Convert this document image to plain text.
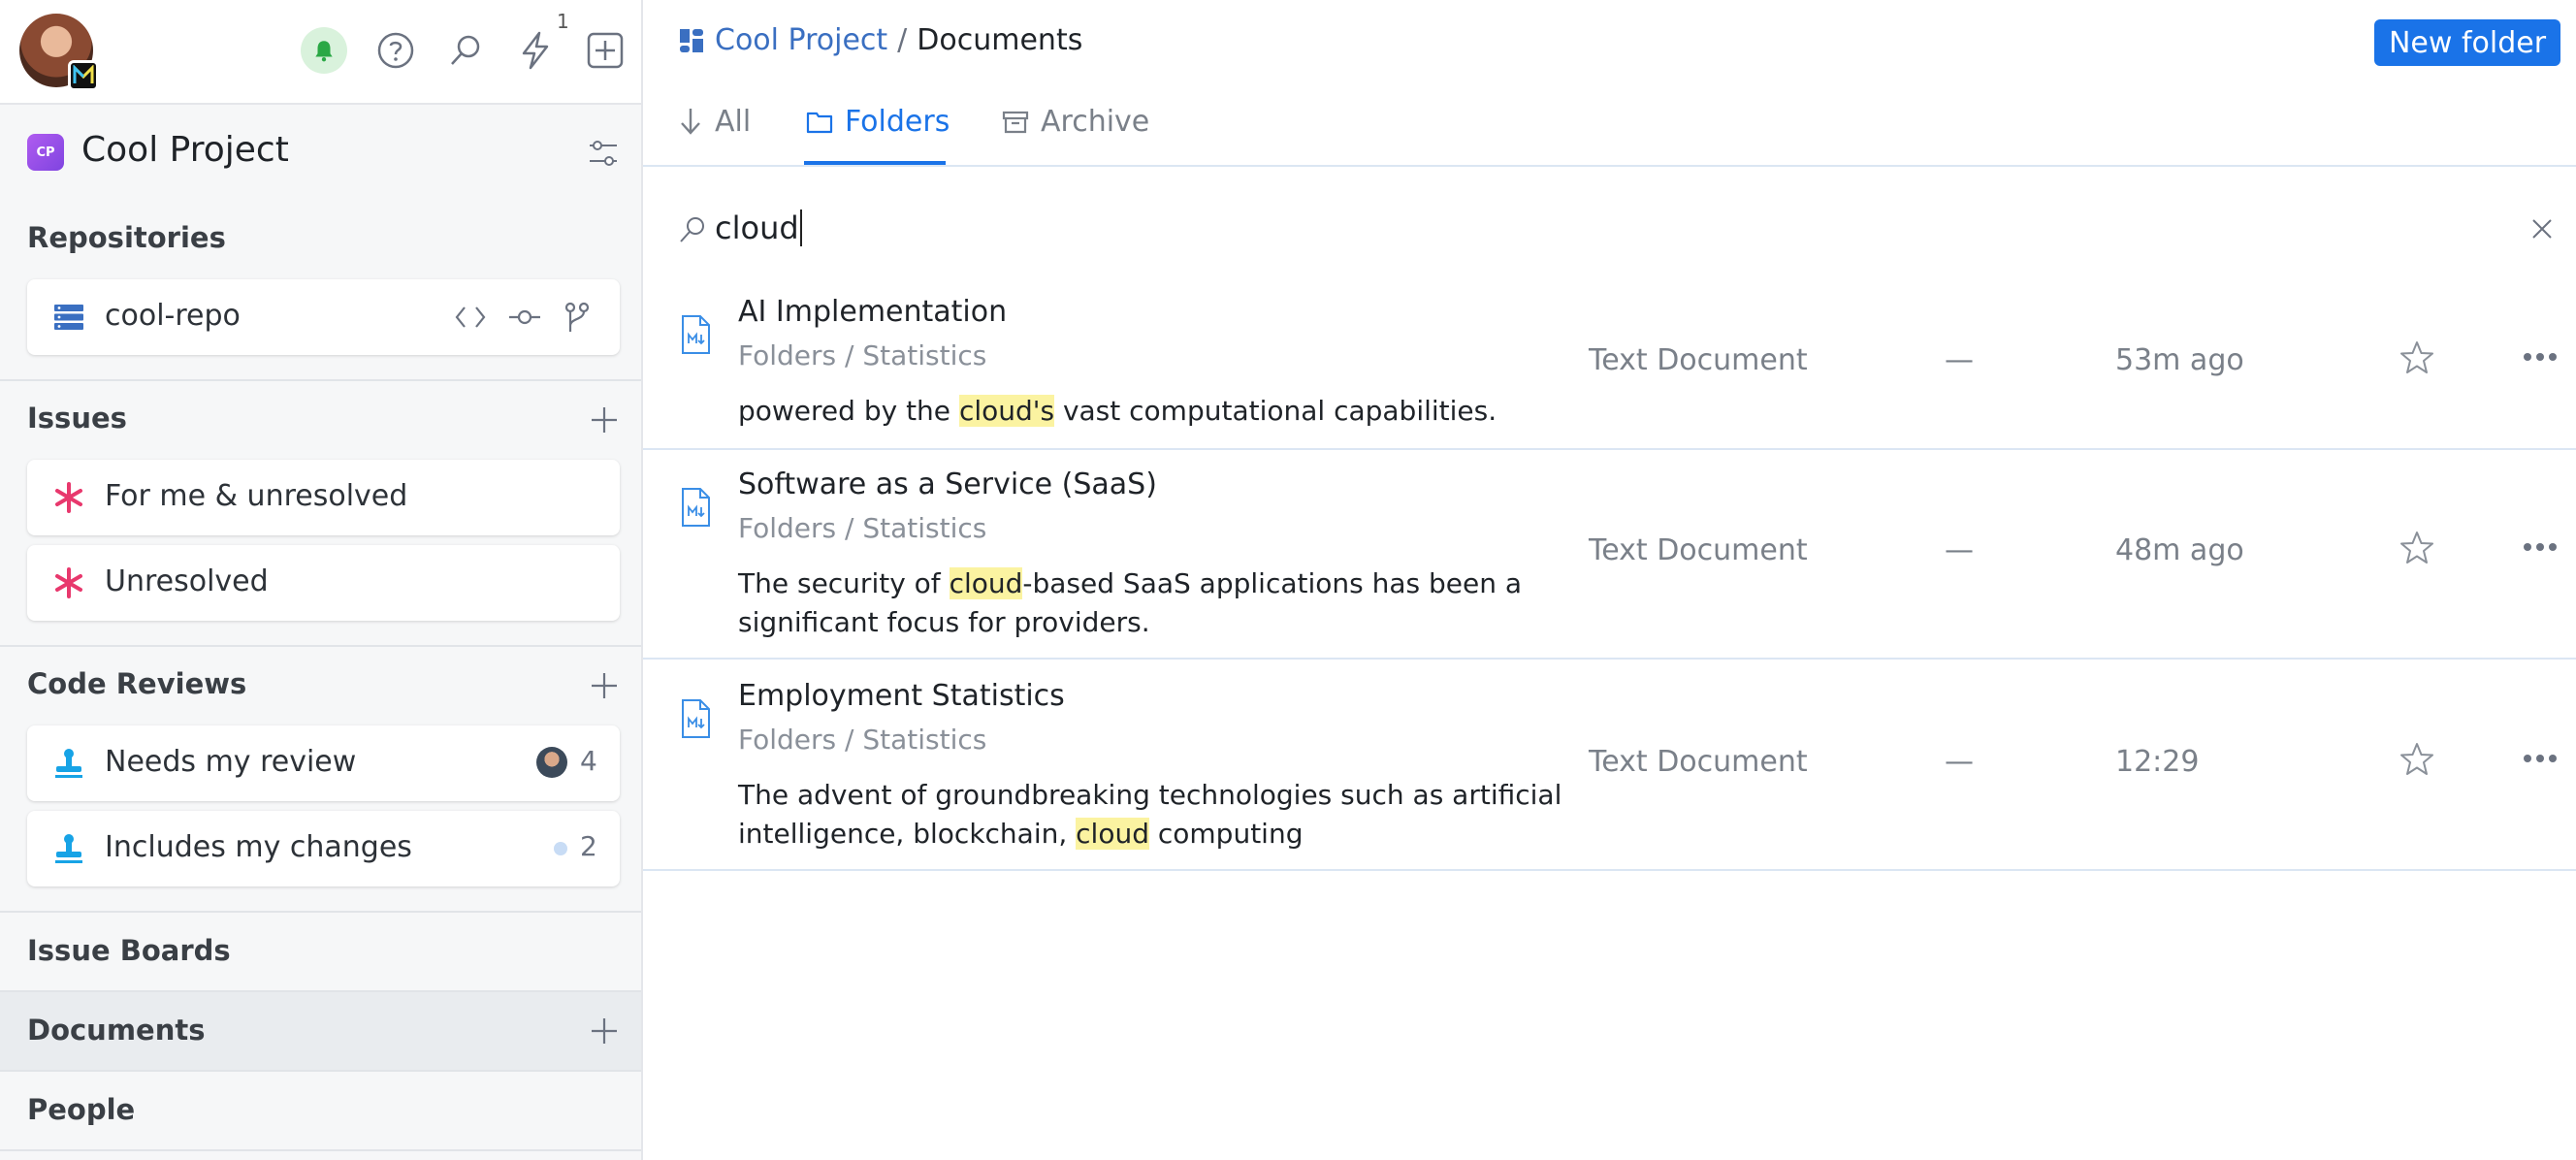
1
CP Cool Project
Repositories
cool-repo
Issues
For me & unresolved
Unresolved
Code Reviews
Needs my review	4
Includes my changes	2
Issue Boards
Documents
People
Cool Project / Documents	New folder
All	Folders	Archive
cloud
AI Implementation
Folders / Statistics
powered by the cloud's vast computational capabilities.
Text Document	—	53m ago
Software as a Service (SaaS)
Folders / Statistics
The security of cloud-based SaaS applications has been a significant focus for providers.
Text Document	—	48m ago
Employment Statistics
Folders / Statistics
The advent of groundbreaking technologies such as artificial intelligence, blockchain, cloud computing
Text Document	—	12:29
